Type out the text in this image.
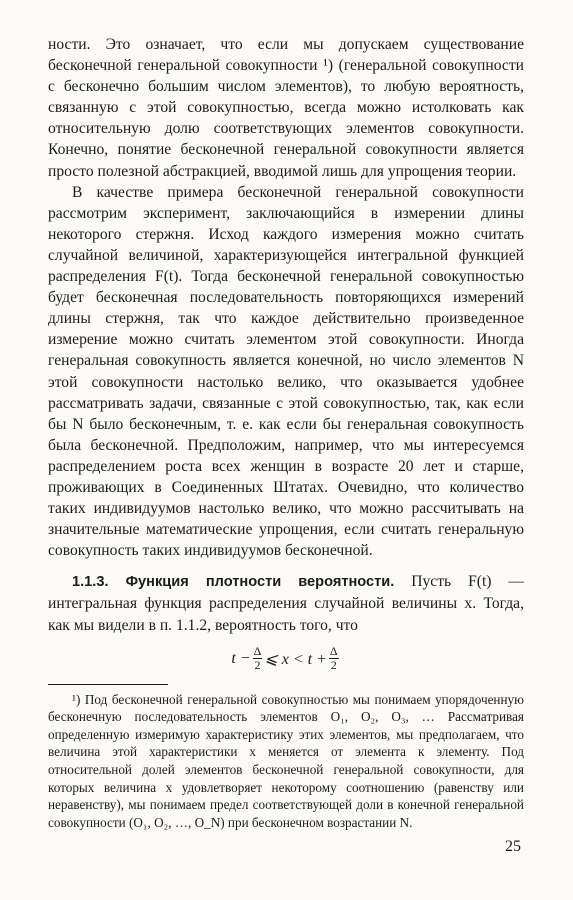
ности. Это означает, что если мы допускаем существование бесконечной генеральной совокупности ¹) (генеральной совокупности с бесконечно большим числом элементов), то любую вероятность, связанную с этой совокупностью, всегда можно истолковать как относительную долю соответствующих элементов совокупности. Конечно, понятие бесконечной генеральной совокупности является просто полезной абстракцией, вводимой лишь для упрощения теории.

В качестве примера бесконечной генеральной совокупности рассмотрим эксперимент, заключающийся в измерении длины некоторого стержня. Исход каждого измерения можно считать случайной величиной, характеризующейся интегральной функцией распределения F(t). Тогда бесконечной генеральной совокупностью будет бесконечная последовательность повторяющихся измерений длины стержня, так что каждое действительно произведенное измерение можно считать элементом этой совокупности. Иногда генеральная совокупность является конечной, но число элементов N этой совокупности настолько велико, что оказывается удобнее рассматривать задачи, связанные с этой совокупностью, так, как если бы N было бесконечным, т. е. как если бы генеральная совокупность была бесконечной. Предположим, например, что мы интересуемся распределением роста всех женщин в возрасте 20 лет и старше, проживающих в Соединенных Штатах. Очевидно, что количество таких индивидуумов настолько велико, что можно рассчитывать на значительные математические упрощения, если считать генеральную совокупность таких индивидуумов бесконечной.

1.1.3. Функция плотности вероятности. Пусть F(t) — интегральная функция распределения случайной величины x. Тогда, как мы видели в п. 1.1.2, вероятность того, что

$t - \frac{\Delta}{2}$ ⩽ $x < t + \frac{\Delta}{2}$

¹) Под бесконечной генеральной совокупностью мы понимаем упорядоченную бесконечную последовательность элементов O₁, O₂, O₃, … Рассматривая определенную измеримую характеристику этих элементов, мы предполагаем, что величина этой характеристики x меняется от элемента к элементу. Под относительной долей элементов бесконечной генеральной совокупности, для которых величина x удовлетворяет некоторому соотношению (равенству или неравенству), мы понимаем предел соответствующей доли в конечной генеральной совокупности (O₁, O₂, …, O_N) при бесконечном возрастании N.

25
